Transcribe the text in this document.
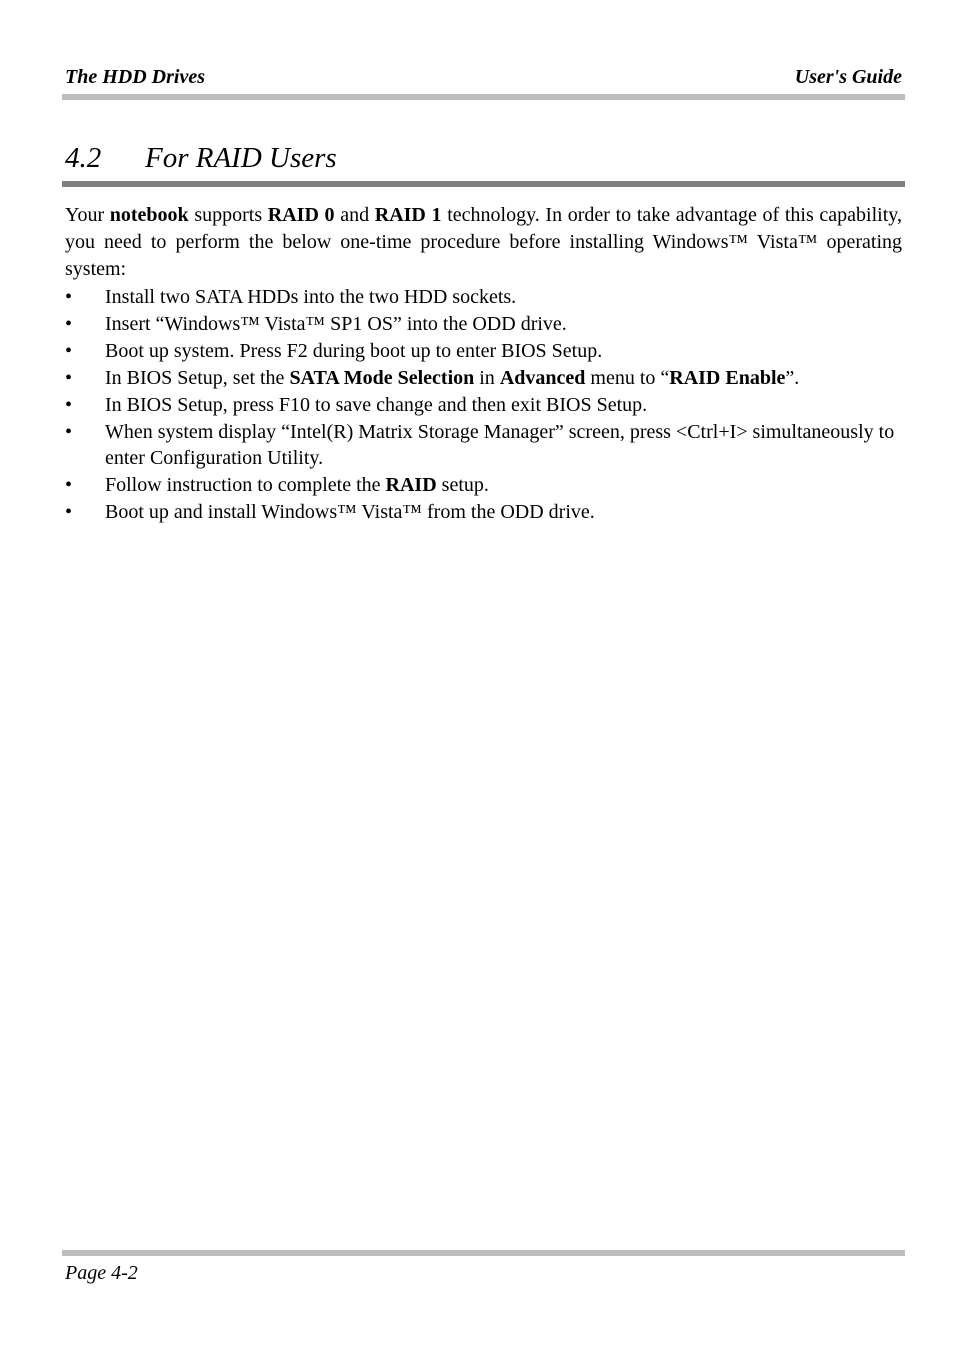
The HDD Drives	User's Guide
4.2 For RAID Users

Your notebook supports RAID 0 and RAID 1 technology. In order to take advantage of this capability, you need to perform the below one-time procedure before installing Windows™ Vista™ operating system:

• Install two SATA HDDs into the two HDD sockets.
• Insert “Windows™ Vista™ SP1 OS” into the ODD drive.
• Boot up system. Press F2 during boot up to enter BIOS Setup.
• In BIOS Setup, set the SATA Mode Selection in Advanced menu to “RAID Enable”.
• In BIOS Setup, press F10 to save change and then exit BIOS Setup.
• When system display “Intel(R) Matrix Storage Manager” screen, press <Ctrl+I> simultaneously to enter Configuration Utility.
• Follow instruction to complete the RAID setup.
• Boot up and install Windows™ Vista™ from the ODD drive.
Page 4-2
